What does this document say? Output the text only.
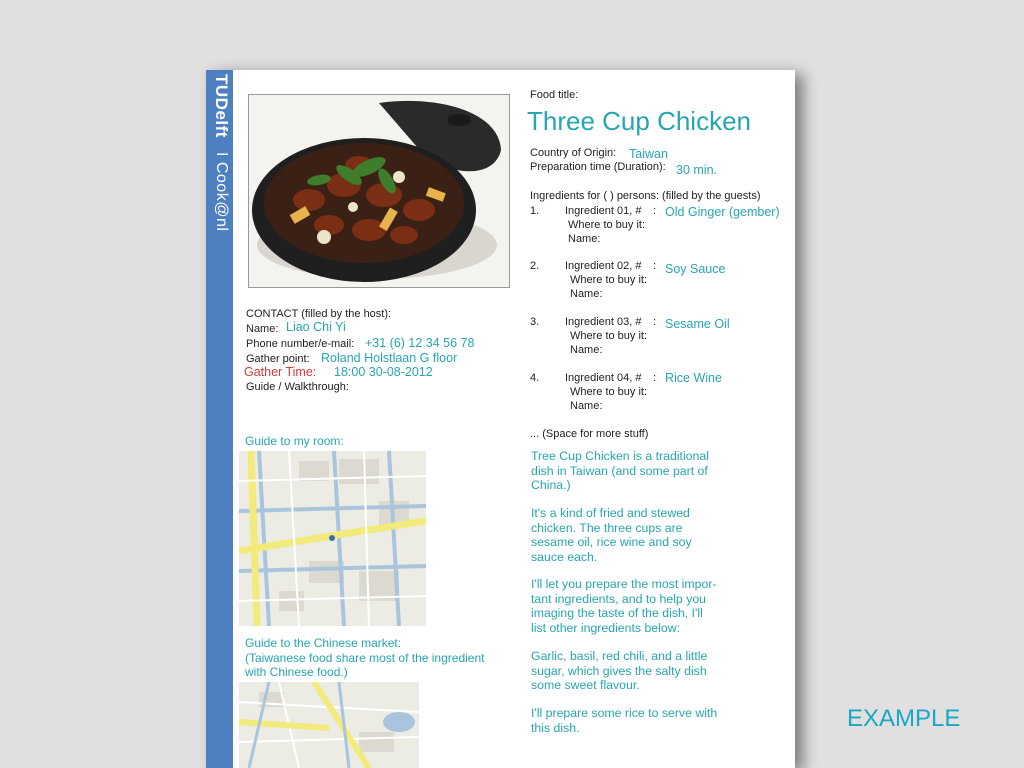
TUDelftI Cook@nl
CONTACT (filled by the host):
Name: Liao Chi Yi
Phone number/e-mail: +31 (6) 12 34 56 78
Gather point: Roland Holstlaan G floor
Gather Time: 18:00 30-08-2012
Guide / Walkthrough:
Guide to my room:
Guide to the Chinese market:
(Taiwanese food share most of the ingredient
with Chinese food.)
Food title:
Three Cup Chicken
Country of Origin: Taiwan
Preparation time (Duration): 30 min.
Ingredients for ( ) persons: (filled by the guests)
1. Ingredient 01, # : Old Ginger (gember)
Where to buy it:
Name:
2. Ingredient 02, # : Soy Sauce
Where to buy it:
Name:
3. Ingredient 03, # : Sesame Oil
Where to buy it:
Name:
4. Ingredient 04, # : Rice Wine
Where to buy it:
Name:
... (Space for more stuff)
Tree Cup Chicken is a traditional
dish in Taiwan (and some part of
China.)
It's a kind of fried and stewed
chicken. The three cups are
sesame oil, rice wine and soy
sauce each.
I'll let you prepare the most impor-
tant ingredients, and to help you
imaging the taste of the dish, I'll
list other ingredients below:
Garlic, basil, red chili, and a little
sugar, which gives the salty dish
some sweet flavour.
I'll prepare some rice to serve with
this dish.	EXAMPLE
